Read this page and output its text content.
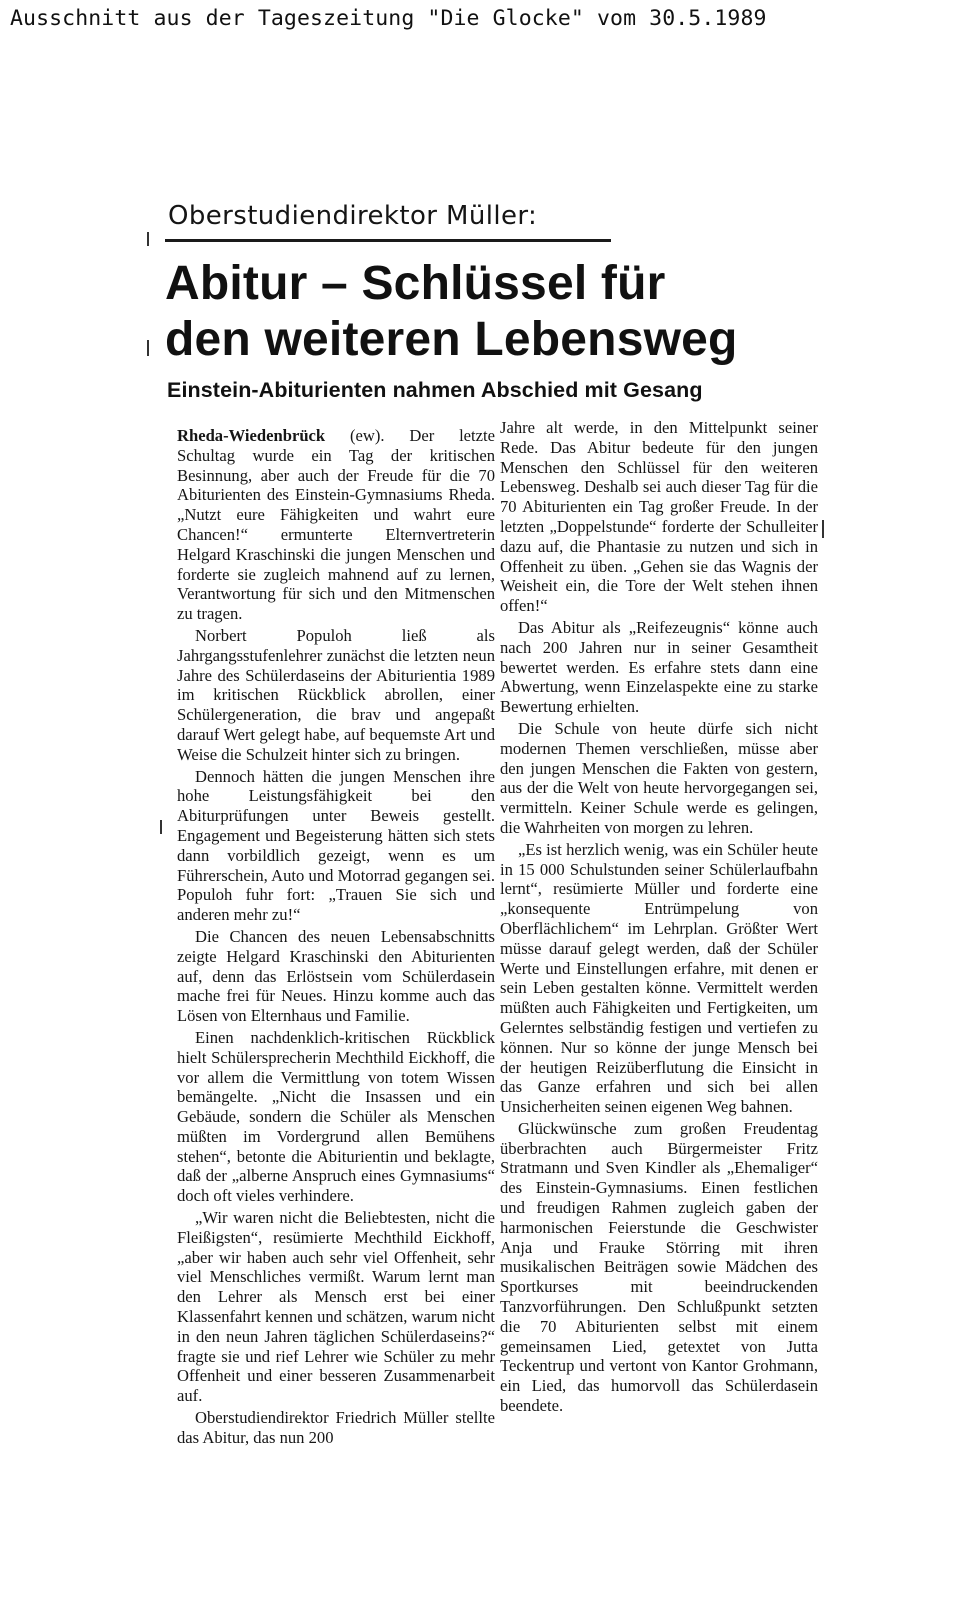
Ausschnitt aus der Tageszeitung "Die Glocke" vom 30.5.1989
Oberstudiendirektor Müller:
Abitur – Schlüssel für
den weiteren Lebensweg
Einstein-Abiturienten nahmen Abschied mit Gesang

Rheda-Wiedenbrück (ew). Der letzte Schultag wurde ein Tag der kritischen Besinnung, aber auch der Freude für die 70 Abiturienten des Einstein-Gymnasiums Rheda. „Nutzt eure Fähigkeiten und wahrt eure Chancen!“ ermunterte Elternvertreterin Helgard Kraschinski die jungen Menschen und forderte sie zugleich mahnend auf zu lernen, Verantwortung für sich und den Mitmenschen zu tragen.

Norbert Populoh ließ als Jahrgangsstufenlehrer zunächst die letzten neun Jahre des Schülerdaseins der Abiturientia 1989 im kritischen Rückblick abrollen, einer Schülergeneration, die brav und angepaßt darauf Wert gelegt habe, auf bequemste Art und Weise die Schulzeit hinter sich zu bringen.

Dennoch hätten die jungen Menschen ihre hohe Leistungsfähigkeit bei den Abiturprüfungen unter Beweis gestellt. Engagement und Begeisterung hätten sich stets dann vorbildlich gezeigt, wenn es um Führerschein, Auto und Motorrad gegangen sei. Populoh fuhr fort: „Trauen Sie sich und anderen mehr zu!“

Die Chancen des neuen Lebensabschnitts zeigte Helgard Kraschinski den Abiturienten auf, denn das Erlöstsein vom Schülerdasein mache frei für Neues. Hinzu komme auch das Lösen von Elternhaus und Familie.

Einen nachdenklich-kritischen Rückblick hielt Schülersprecherin Mechthild Eickhoff, die vor allem die Vermittlung von totem Wissen bemängelte. „Nicht die Insassen und ein Gebäude, sondern die Schüler als Menschen müßten im Vordergrund allen Bemühens stehen“, betonte die Abiturientin und beklagte, daß der „alberne Anspruch eines Gymnasiums“ doch oft vieles verhindere.

„Wir waren nicht die Beliebtesten, nicht die Fleißigsten“, resümierte Mechthild Eickhoff, „aber wir haben auch sehr viel Offenheit, sehr viel Menschliches vermißt. Warum lernt man den Lehrer als Mensch erst bei einer Klassenfahrt kennen und schätzen, warum nicht in den neun Jahren täglichen Schülerdaseins?“ fragte sie und rief Lehrer wie Schüler zu mehr Offenheit und einer besseren Zusammenarbeit auf.

Oberstudiendirektor Friedrich Müller stellte das Abitur, das nun 200

Jahre alt werde, in den Mittelpunkt seiner Rede. Das Abitur bedeute für den jungen Menschen den Schlüssel für den weiteren Lebensweg. Deshalb sei auch dieser Tag für die 70 Abiturienten ein Tag großer Freude. In der letzten „Doppelstunde“ forderte der Schulleiter dazu auf, die Phantasie zu nutzen und sich in Offenheit zu üben. „Gehen sie das Wagnis der Weisheit ein, die Tore der Welt stehen ihnen offen!“

Das Abitur als „Reifezeugnis“ könne auch nach 200 Jahren nur in seiner Gesamtheit bewertet werden. Es erfahre stets dann eine Abwertung, wenn Einzelaspekte eine zu starke Bewertung erhielten.

Die Schule von heute dürfe sich nicht modernen Themen verschließen, müsse aber den jungen Menschen die Fakten von gestern, aus der die Welt von heute hervorgegangen sei, vermitteln. Keiner Schule werde es gelingen, die Wahrheiten von morgen zu lehren.

„Es ist herzlich wenig, was ein Schüler heute in 15 000 Schulstunden seiner Schülerlaufbahn lernt“, resümierte Müller und forderte eine „konsequente Entrümpelung von Oberflächlichem“ im Lehrplan. Größter Wert müsse darauf gelegt werden, daß der Schüler Werte und Einstellungen erfahre, mit denen er sein Leben gestalten könne. Vermittelt werden müßten auch Fähigkeiten und Fertigkeiten, um Gelerntes selbständig festigen und vertiefen zu können. Nur so könne der junge Mensch bei der heutigen Reizüberflutung die Einsicht in das Ganze erfahren und sich bei allen Unsicherheiten seinen eigenen Weg bahnen.

Glückwünsche zum großen Freudentag überbrachten auch Bürgermeister Fritz Stratmann und Sven Kindler als „Ehemaliger“ des Einstein-Gymnasiums. Einen festlichen und freudigen Rahmen zugleich gaben der harmonischen Feierstunde die Geschwister Anja und Frauke Störring mit ihren musikalischen Beiträgen sowie Mädchen des Sportkurses mit beeindruckenden Tanzvorführungen. Den Schlußpunkt setzten die 70 Abiturienten selbst mit einem gemeinsamen Lied, getextet von Jutta Teckentrup und vertont von Kantor Grohmann, ein Lied, das humorvoll das Schülerdasein beendete.
